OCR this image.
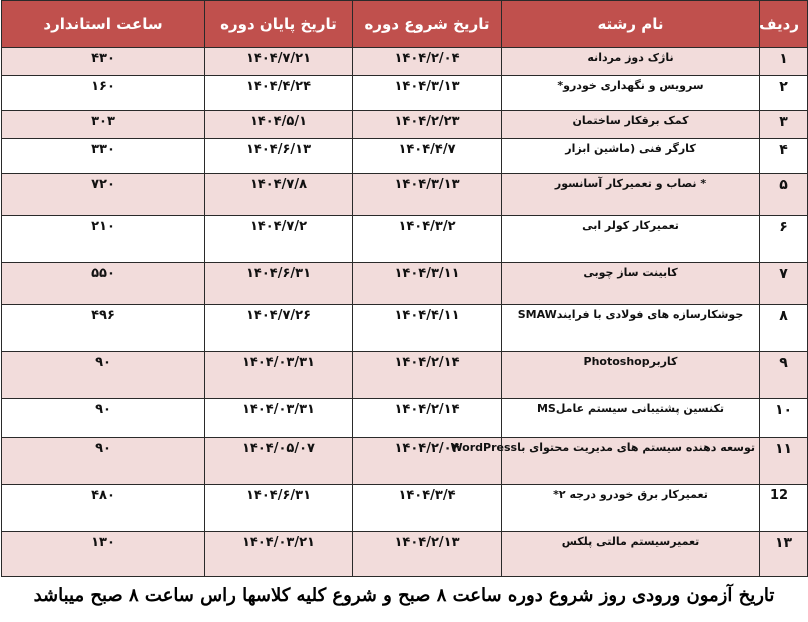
ردیف	نام رشته	تاریخ شروع دوره	تاریخ پایان دوره	ساعت استاندارد
۱	ناژک دوز مردانه	۱۴۰۴/۲/۰۴	۱۴۰۴/۷/۲۱	۴۳۰
۲	سرویس و نگهداری خودرو*	۱۴۰۴/۳/۱۳	۱۴۰۴/۴/۲۴	۱۶۰
۳	کمک برقکار ساختمان	۱۴۰۴/۲/۲۳	۱۴۰۴/۵/۱	۳۰۳
۴	کارگر فنی (ماشین ابزار	۱۴۰۴/۴/۷	۱۴۰۴/۶/۱۳	۳۳۰
۵	* نصاب و تعمیرکار آسانسور	۱۴۰۴/۳/۱۳	۱۴۰۴/۷/۸	۷۲۰
۶	تعمیرکار کولر ابی	۱۴۰۴/۳/۲	۱۴۰۴/۷/۲	۲۱۰
۷	کابینت ساز چوبی	۱۴۰۴/۳/۱۱	۱۴۰۴/۶/۳۱	۵۵۰
۸	جوشکارسازه های فولادی با فرایندSMAW	۱۴۰۴/۴/۱۱	۱۴۰۴/۷/۲۶	۴۹۶
۹	کاربرPhotoshop	۱۴۰۴/۲/۱۴	۱۴۰۴/۰۳/۳۱	۹۰
۱۰	تکنسین پشتیبانی سیستم عاملMS	۱۴۰۴/۲/۱۴	۱۴۰۴/۰۳/۳۱	۹۰
۱۱	توسعه دهنده سیستم های مدیریت محتوای باWordPress	۱۴۰۴/۲/۰۴	۱۴۰۴/۰۵/۰۷	۹۰
12	تعمیرکار برق خودرو درجه ۲*	۱۴۰۴/۳/۴	۱۴۰۴/۶/۳۱	۴۸۰
۱۳	تعمیرسیستم مالتی پلکس	۱۴۰۴/۲/۱۳	۱۴۰۴/۰۳/۲۱	۱۳۰
تاریخ آزمون ورودی روز شروع دوره ساعت ۸ صبح و شروع کلیه کلاسها راس ساعت ۸ صبح میباشد
